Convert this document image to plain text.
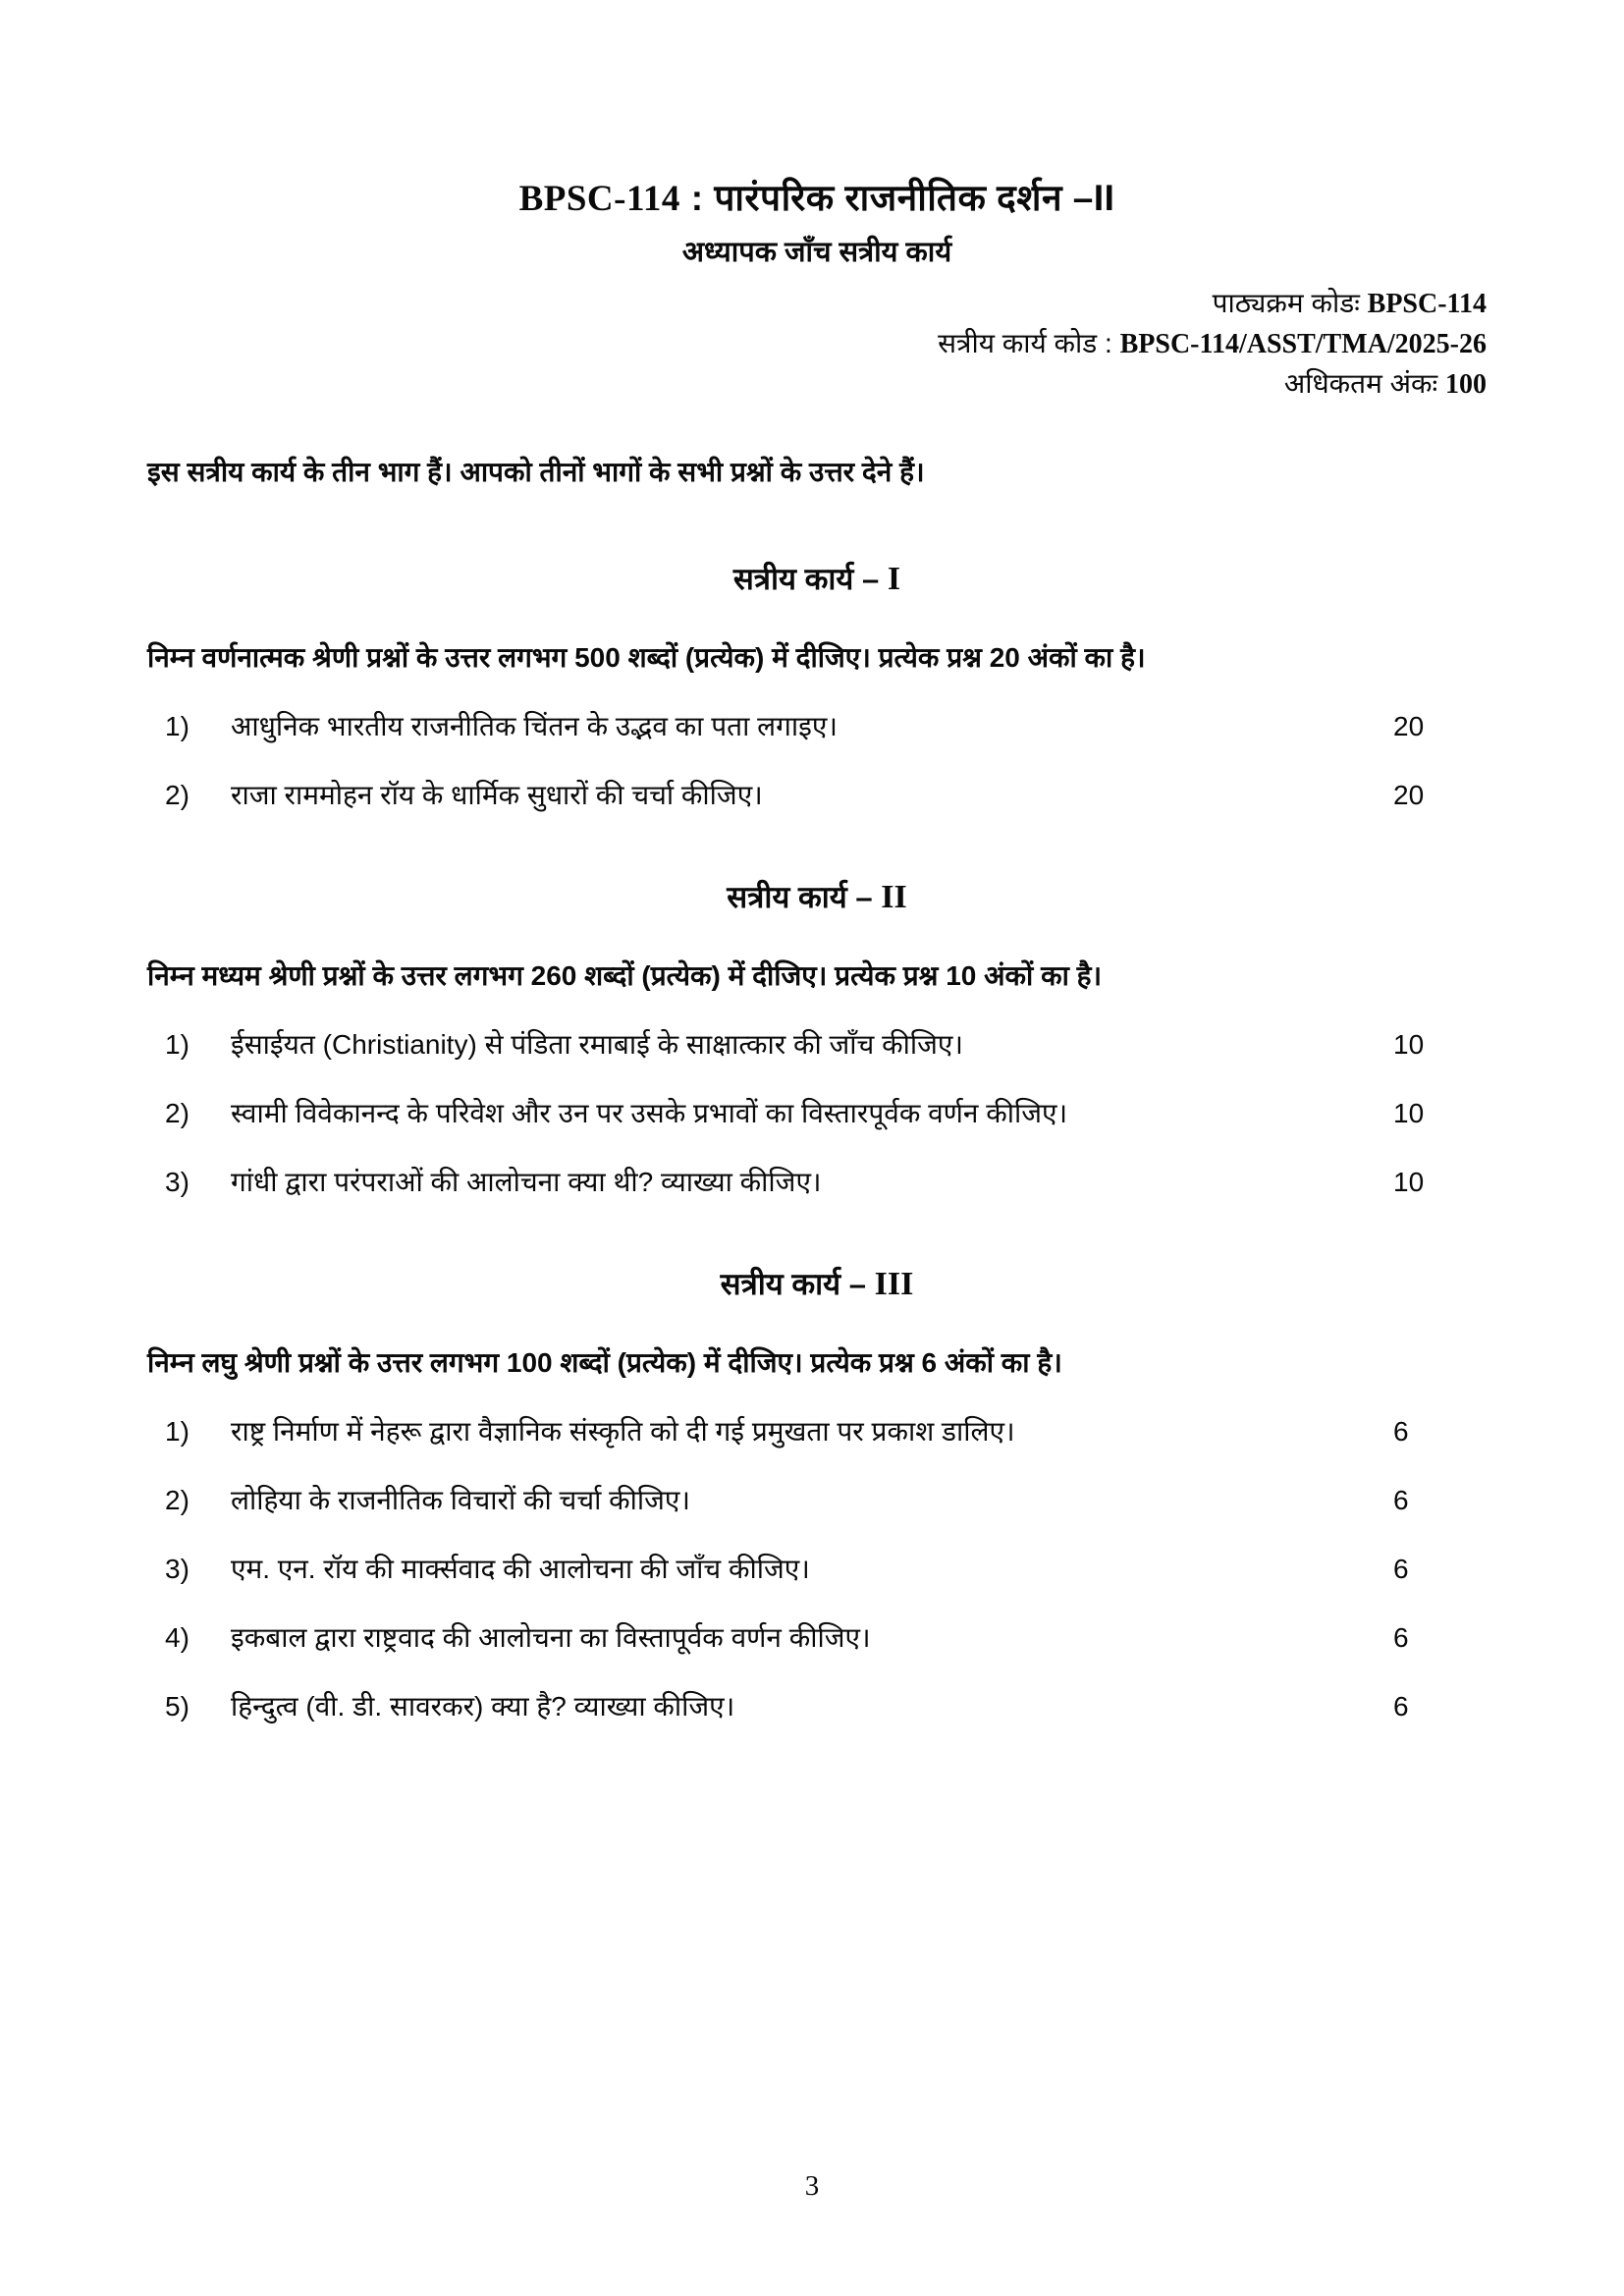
BPSC-114 : पारंपरिक राजनीतिक दर्शन –II
अध्यापक जाँच सत्रीय कार्य
पाठ्यक्रम कोडः BPSC-114
सत्रीय कार्य कोड : BPSC-114/ASST/TMA/2025-26
अधिकतम अंकः 100

इस सत्रीय कार्य के तीन भाग हैं। आपको तीनों भागों के सभी प्रश्नों के उत्तर देने हैं।

सत्रीय कार्य – I

निम्न वर्णनात्मक श्रेणी प्रश्नों के उत्तर लगभग 500 शब्दों (प्रत्येक) में दीजिए। प्रत्येक प्रश्न 20 अंकों का है।

1)	आधुनिक भारतीय राजनीतिक चिंतन के उद्भव का पता लगाइए।	20
2)	राजा राममोहन रॉय के धार्मिक सुधारों की चर्चा कीजिए।	20
सत्रीय कार्य – II

निम्न मध्यम श्रेणी प्रश्नों के उत्तर लगभग 260 शब्दों (प्रत्येक) में दीजिए। प्रत्येक प्रश्न 10 अंकों का है।

1)	ईसाईयत (Christianity) से पंडिता रमाबाई के साक्षात्कार की जाँच कीजिए।	10
2)	स्वामी विवेकानन्द के परिवेश और उन पर उसके प्रभावों का विस्तारपूर्वक वर्णन कीजिए।	10
3)	गांधी द्वारा परंपराओं की आलोचना क्या थी? व्याख्या कीजिए।	10
सत्रीय कार्य – III

निम्न लघु श्रेणी प्रश्नों के उत्तर लगभग 100 शब्दों (प्रत्येक) में दीजिए। प्रत्येक प्रश्न 6 अंकों का है।

1)	राष्ट्र निर्माण में नेहरू द्वारा वैज्ञानिक संस्कृति को दी गई प्रमुखता पर प्रकाश डालिए।	6
2)	लोहिया के राजनीतिक विचारों की चर्चा कीजिए।	6
3)	एम. एन. रॉय की मार्क्सवाद की आलोचना की जाँच कीजिए।	6
4)	इकबाल द्वारा राष्ट्रवाद की आलोचना का विस्तापूर्वक वर्णन कीजिए।	6
5)	हिन्दुत्व (वी. डी. सावरकर) क्या है? व्याख्या कीजिए।	6
3
